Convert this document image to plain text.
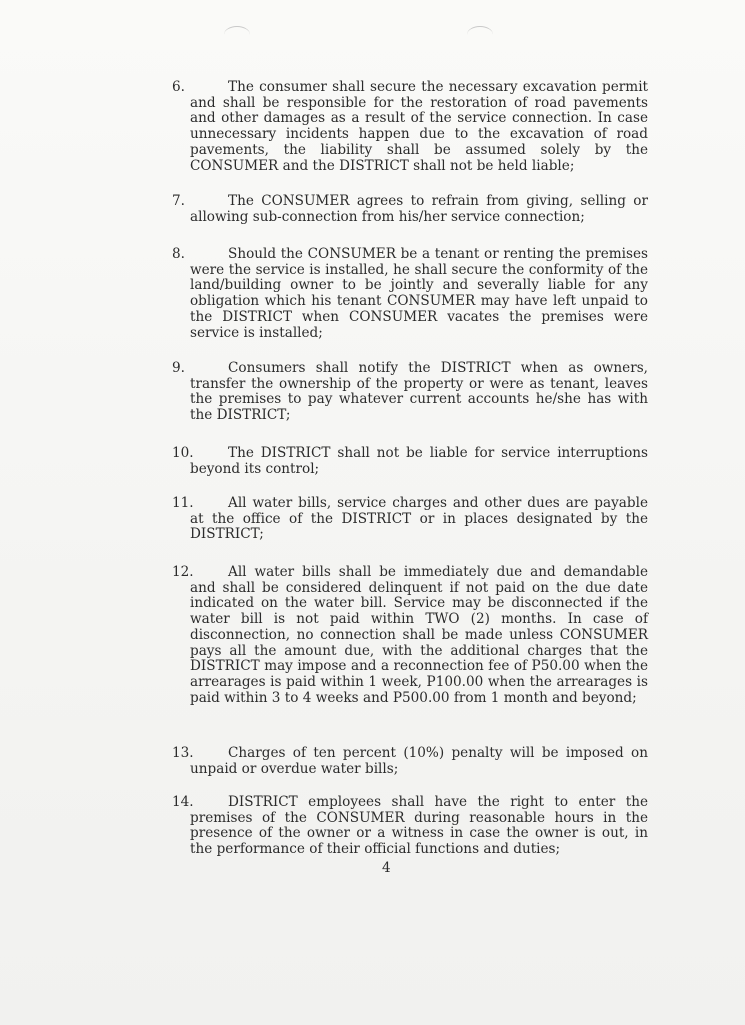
6.	The consumer shall secure the necessary excavation permit and shall be responsible for the restoration of road pavements and other damages as a result of the service connection. In case unnecessary incidents happen due to the excavation of road pavements, the liability shall be assumed solely by the CONSUMER and the DISTRICT shall not be held liable;
7.	The CONSUMER agrees to refrain from giving, selling or allowing sub-connection from his/her service connection;
8.	Should the CONSUMER be a tenant or renting the premises were the service is installed, he shall secure the conformity of the land/building owner to be jointly and severally liable for any obligation which his tenant CONSUMER may have left unpaid to the DISTRICT when CONSUMER vacates the premises were service is installed;
9.	Consumers shall notify the DISTRICT when as owners, transfer the ownership of the property or were as tenant, leaves the premises to pay whatever current accounts he/she has with the DISTRICT;
10.	The DISTRICT shall not be liable for service interruptions beyond its control;
11.	All water bills, service charges and other dues are payable at the office of the DISTRICT or in places designated by the DISTRICT;
12.	All water bills shall be immediately due and demandable and shall be considered delinquent if not paid on the due date indicated on the water bill. Service may be disconnected if the water bill is not paid within TWO (2) months. In case of disconnection, no connection shall be made unless CONSUMER pays all the amount due, with the additional charges that the DISTRICT may impose and a reconnection fee of P50.00 when the arrearages is paid within 1 week, P100.00 when the arrearages is paid within 3 to 4 weeks and P500.00 from 1 month and beyond;
13.	Charges of ten percent (10%) penalty will be imposed on unpaid or overdue water bills;
14.	DISTRICT employees shall have the right to enter the premises of the CONSUMER during reasonable hours in the presence of the owner or a witness in case the owner is out, in the performance of their official functions and duties;
4
